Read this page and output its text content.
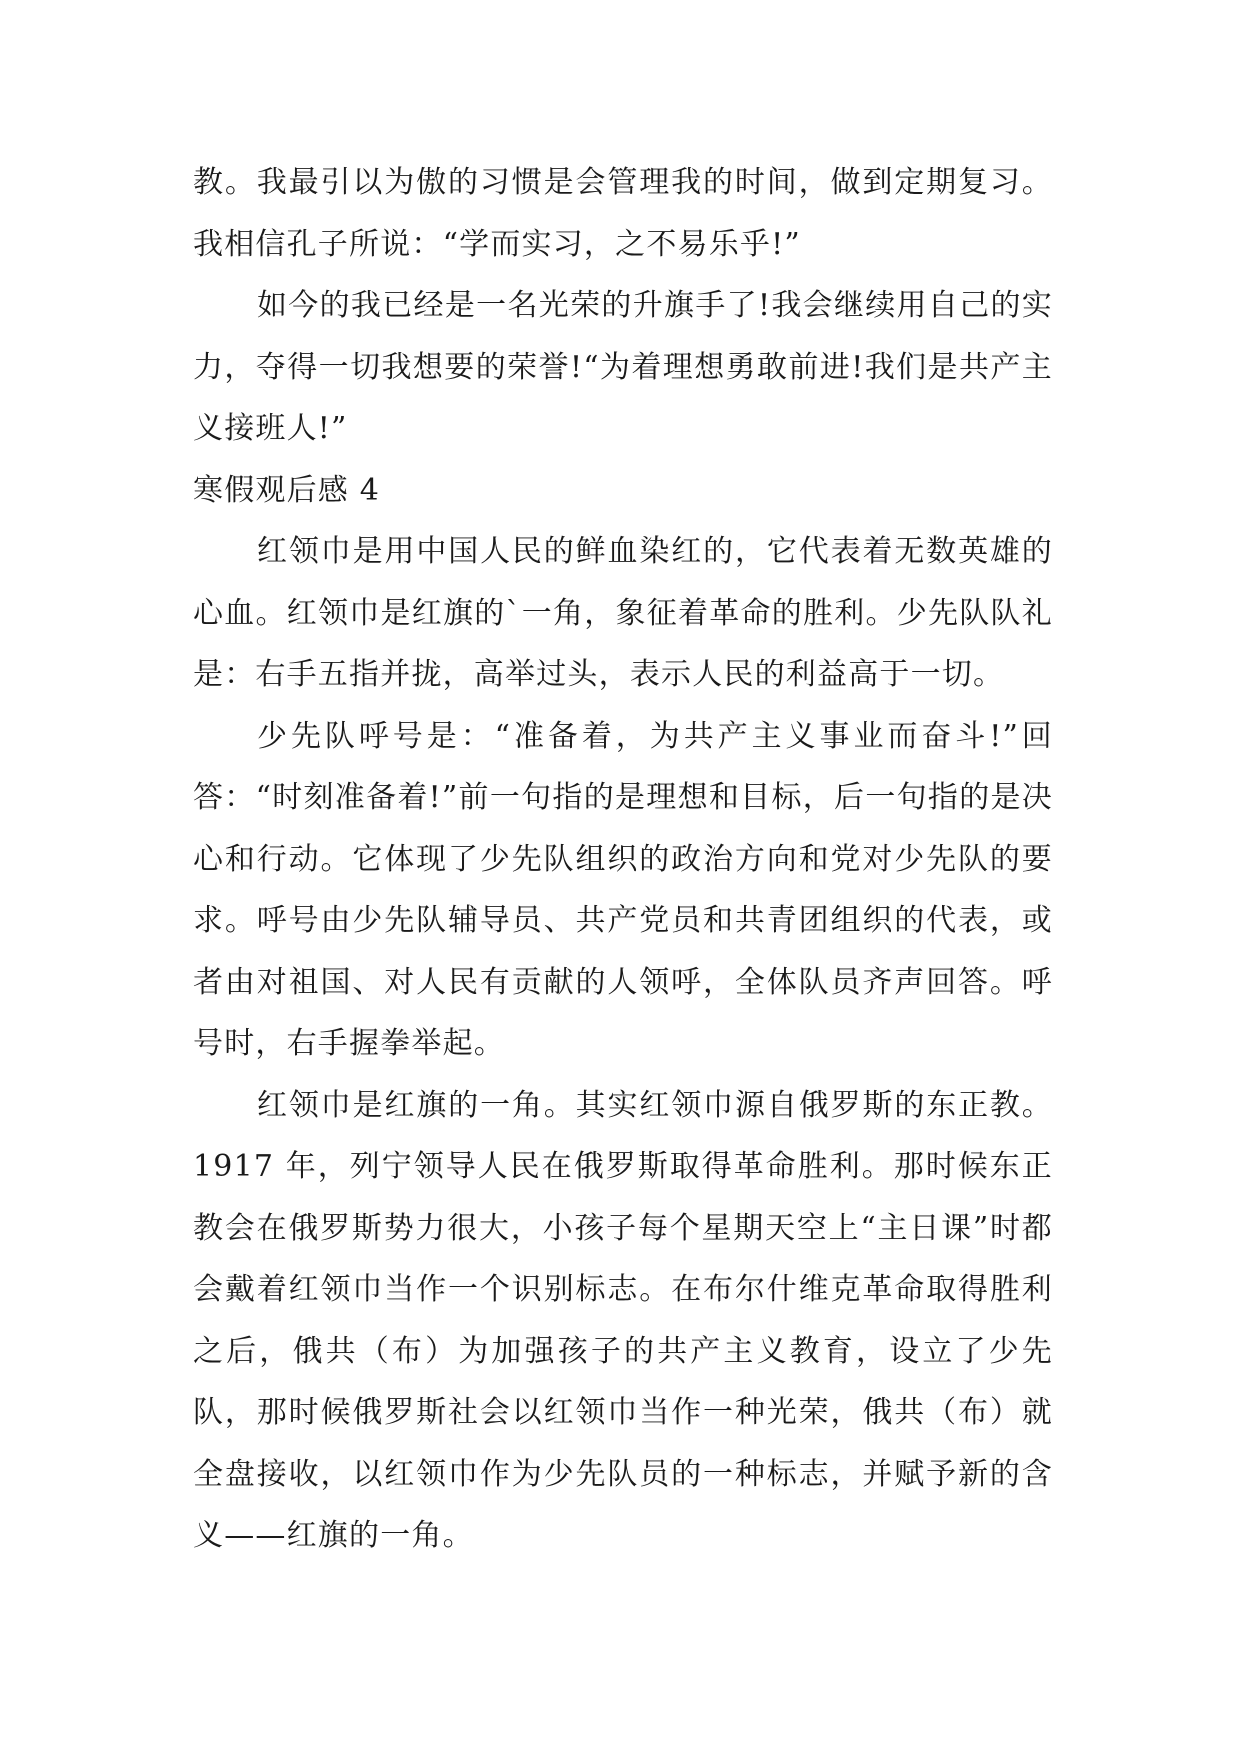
教。我最引以为傲的习惯是会管理我的时间，做到定期复习。我相信孔子所说：“学而实习，之不易乐乎!”

如今的我已经是一名光荣的升旗手了!我会继续用自己的实力，夺得一切我想要的荣誉!“为着理想勇敢前进!我们是共产主义接班人!”

寒假观后感 4

红领巾是用中国人民的鲜血染红的，它代表着无数英雄的心血。红领巾是红旗的`一角，象征着革命的胜利。少先队队礼是：右手五指并拢，高举过头，表示人民的利益高于一切。

少先队呼号是：“准备着，为共产主义事业而奋斗!”回答：“时刻准备着!”前一句指的是理想和目标，后一句指的是决心和行动。它体现了少先队组织的政治方向和党对少先队的要求。呼号由少先队辅导员、共产党员和共青团组织的代表，或者由对祖国、对人民有贡献的人领呼，全体队员齐声回答。呼号时，右手握拳举起。

红领巾是红旗的一角。其实红领巾源自俄罗斯的东正教。1917 年，列宁领导人民在俄罗斯取得革命胜利。那时候东正教会在俄罗斯势力很大，小孩子每个星期天空上“主日课”时都会戴着红领巾当作一个识别标志。在布尔什维克革命取得胜利之后，俄共（布）为加强孩子的共产主义教育，设立了少先队，那时候俄罗斯社会以红领巾当作一种光荣，俄共（布）就全盘接收，以红领巾作为少先队员的一种标志，并赋予新的含义——红旗的一角。
